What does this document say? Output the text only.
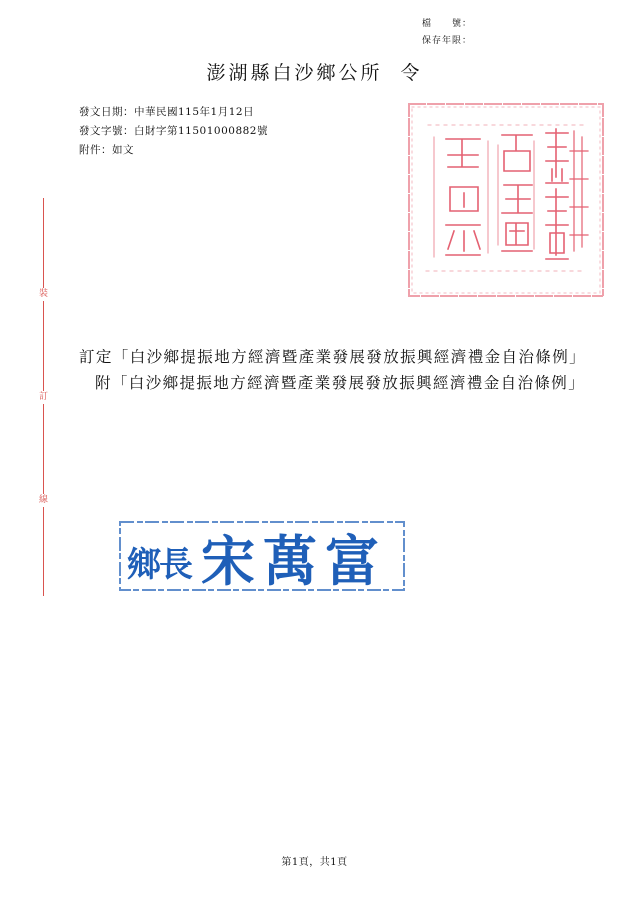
檔　　號：
保存年限：
澎湖縣白沙鄉公所 令
發文日期：中華民國115年1月12日
發文字號：白財字第11501000882號
附件：如文
裝
訂
線

訂定「白沙鄉提振地方經濟暨產業發展發放振興經濟禮金自治條例」

附「白沙鄉提振地方經濟暨產業發展發放振興經濟禮金自治條例」

鄉長 宋萬富
第1頁，共1頁
